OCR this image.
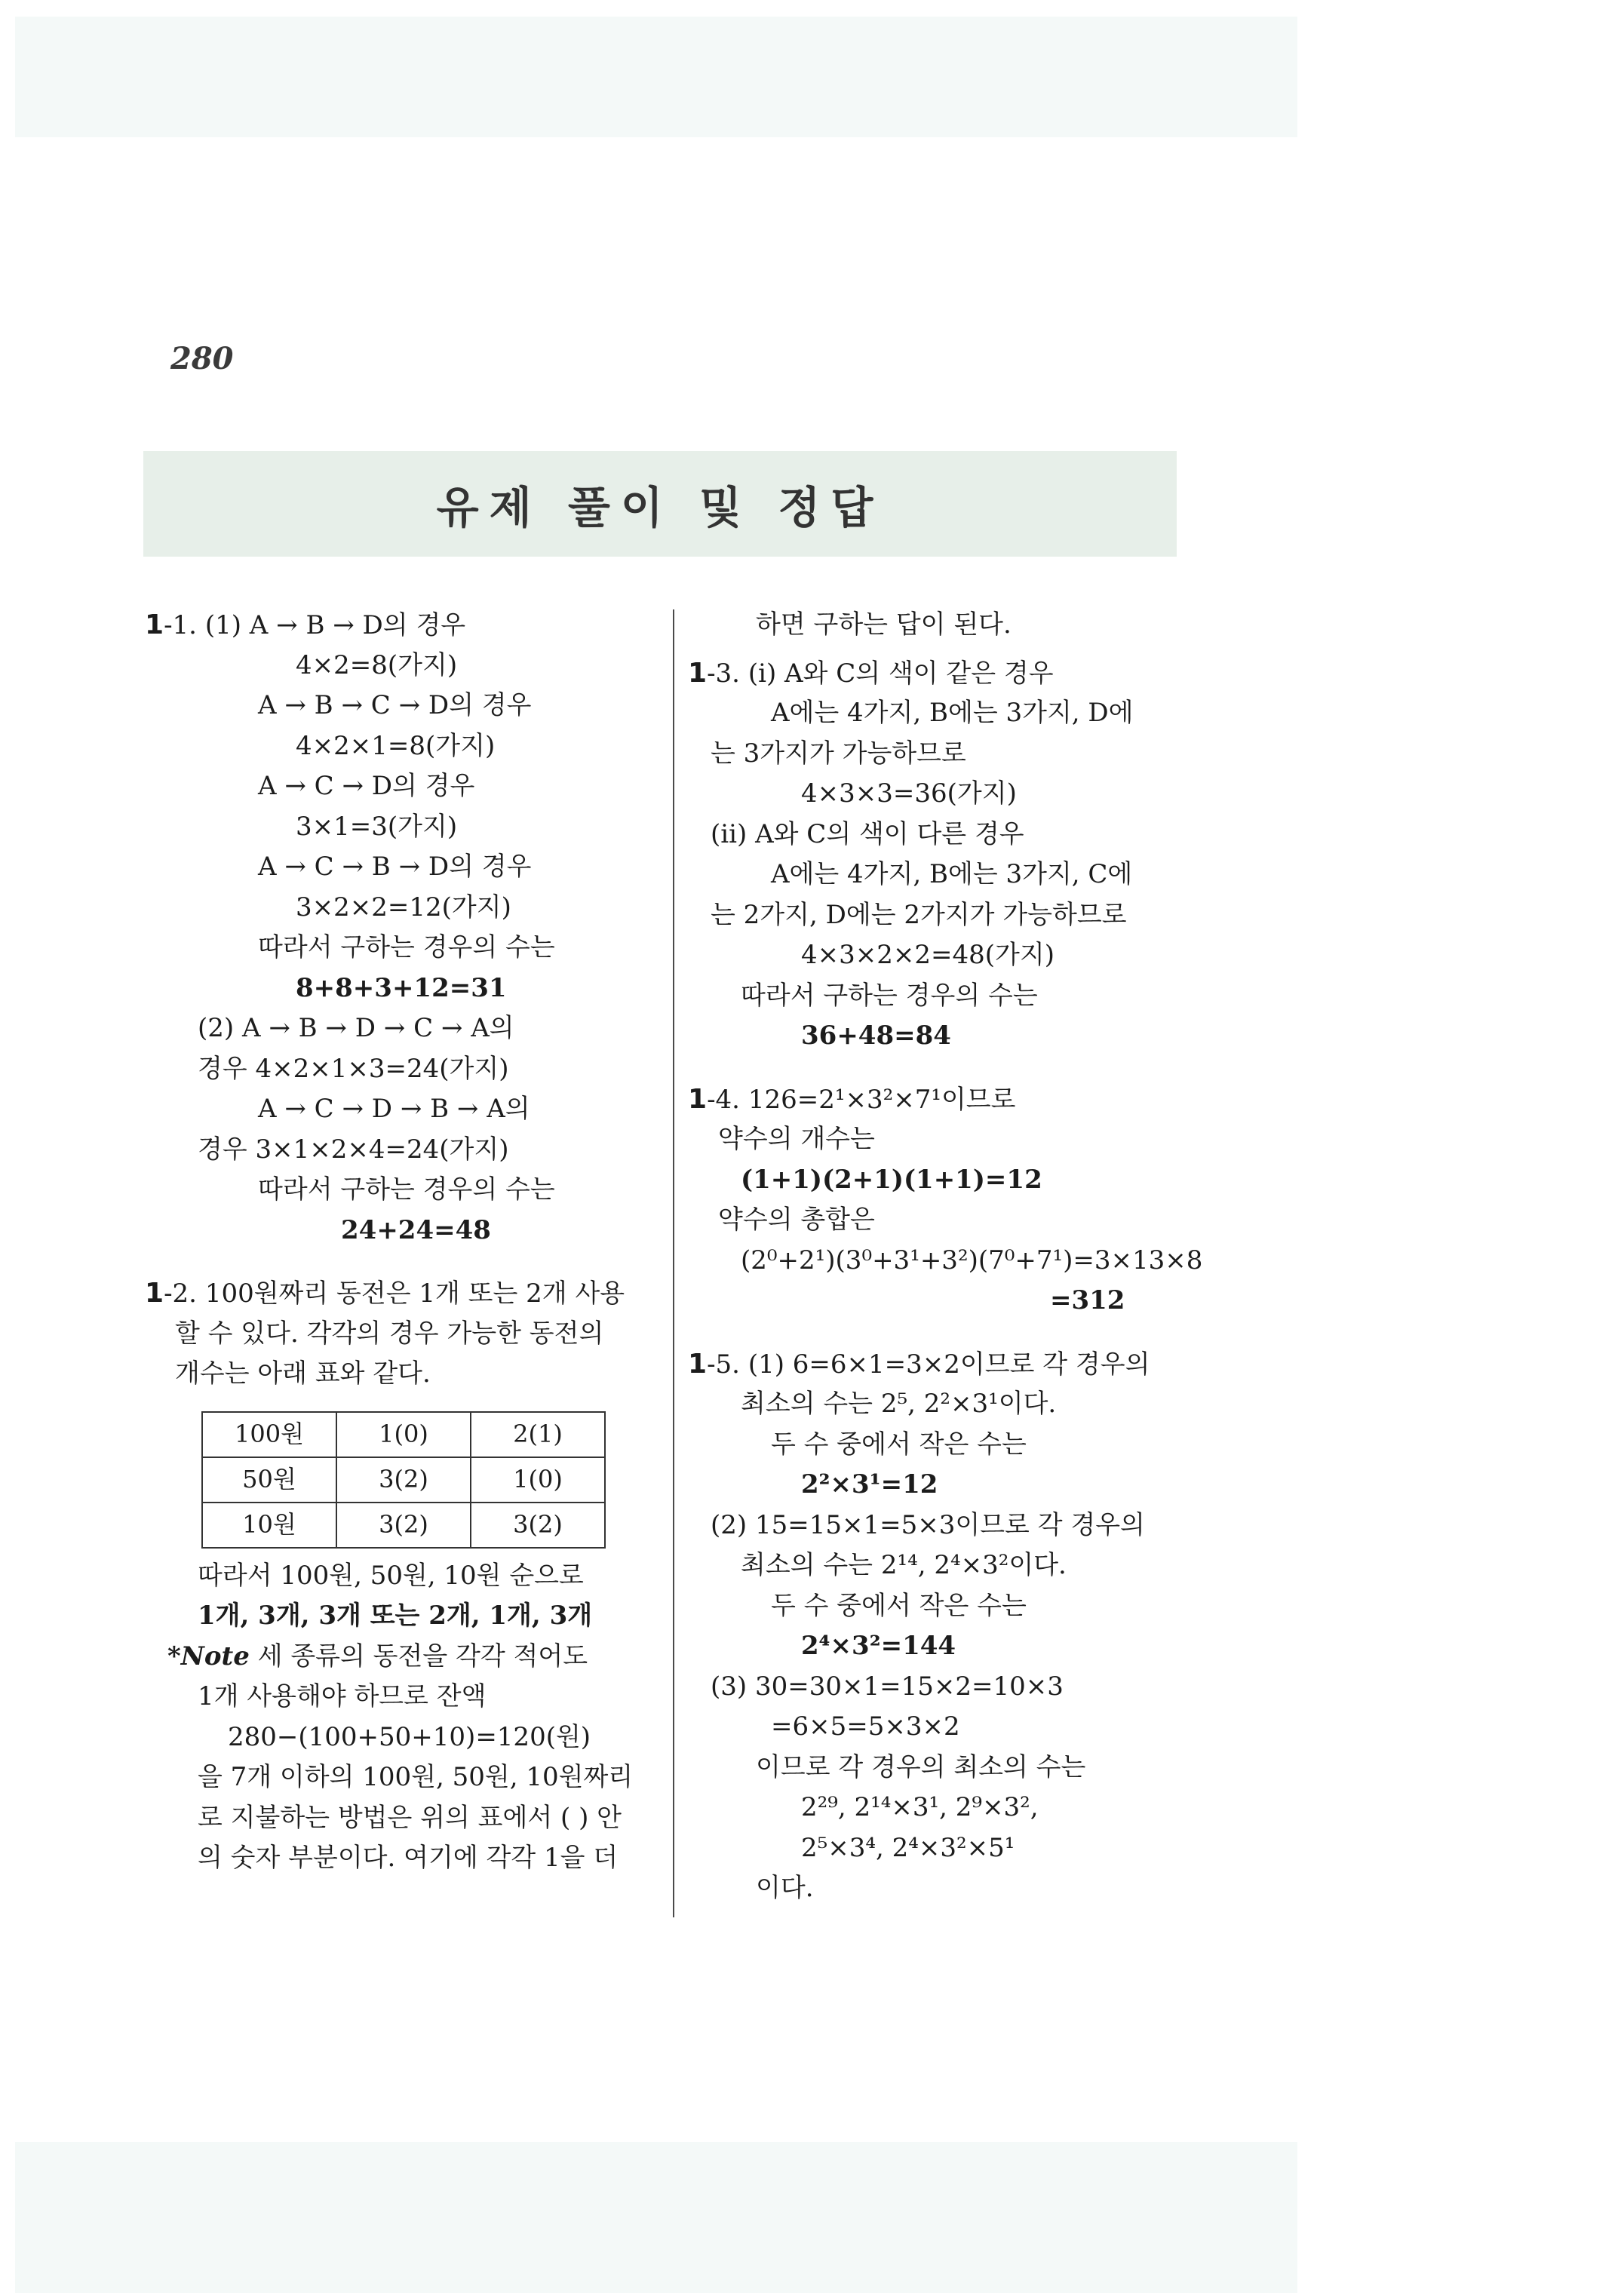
280
유제 풀이 및 정답
1-1. (1) A → B → D의 경우
4×2=8(가지)
A → B → C → D의 경우
4×2×1=8(가지)
A → C → D의 경우
3×1=3(가지)
A → C → B → D의 경우
3×2×2=12(가지)
따라서 구하는 경우의 수는
8+8+3+12=31
(2) A → B → D → C → A의
경우 4×2×1×3=24(가지)
A → C → D → B → A의
경우 3×1×2×4=24(가지)
따라서 구하는 경우의 수는
24+24=48
1-2. 100원짜리 동전은 1개 또는 2개 사용
할 수 있다. 각각의 경우 가능한 동전의
개수는 아래 표와 같다.
100원	1(0)	2(1)
50원	3(2)	1(0)
10원	3(2)	3(2)
따라서 100원, 50원, 10원 순으로
1개, 3개, 3개 또는 2개, 1개, 3개
*Note 세 종류의 동전을 각각 적어도
1개 사용해야 하므로 잔액
280−(100+50+10)=120(원)
을 7개 이하의 100원, 50원, 10원짜리
로 지불하는 방법은 위의 표에서 ( ) 안
의 숫자 부분이다. 여기에 각각 1을 더
하면 구하는 답이 된다.
1-3. (i) A와 C의 색이 같은 경우
A에는 4가지, B에는 3가지, D에
는 3가지가 가능하므로
4×3×3=36(가지)
(ii) A와 C의 색이 다른 경우
A에는 4가지, B에는 3가지, C에
는 2가지, D에는 2가지가 가능하므로
4×3×2×2=48(가지)
따라서 구하는 경우의 수는
36+48=84
1-4. 126=2¹×3²×7¹이므로
약수의 개수는
(1+1)(2+1)(1+1)=12
약수의 총합은
(2⁰+2¹)(3⁰+3¹+3²)(7⁰+7¹)=3×13×8
=312
1-5. (1) 6=6×1=3×2이므로 각 경우의
최소의 수는 2⁵, 2²×3¹이다.
두 수 중에서 작은 수는
2²×3¹=12
(2) 15=15×1=5×3이므로 각 경우의
최소의 수는 2¹⁴, 2⁴×3²이다.
두 수 중에서 작은 수는
2⁴×3²=144
(3) 30=30×1=15×2=10×3
=6×5=5×3×2
이므로 각 경우의 최소의 수는
2²⁹, 2¹⁴×3¹, 2⁹×3²,
2⁵×3⁴, 2⁴×3²×5¹
이다.
